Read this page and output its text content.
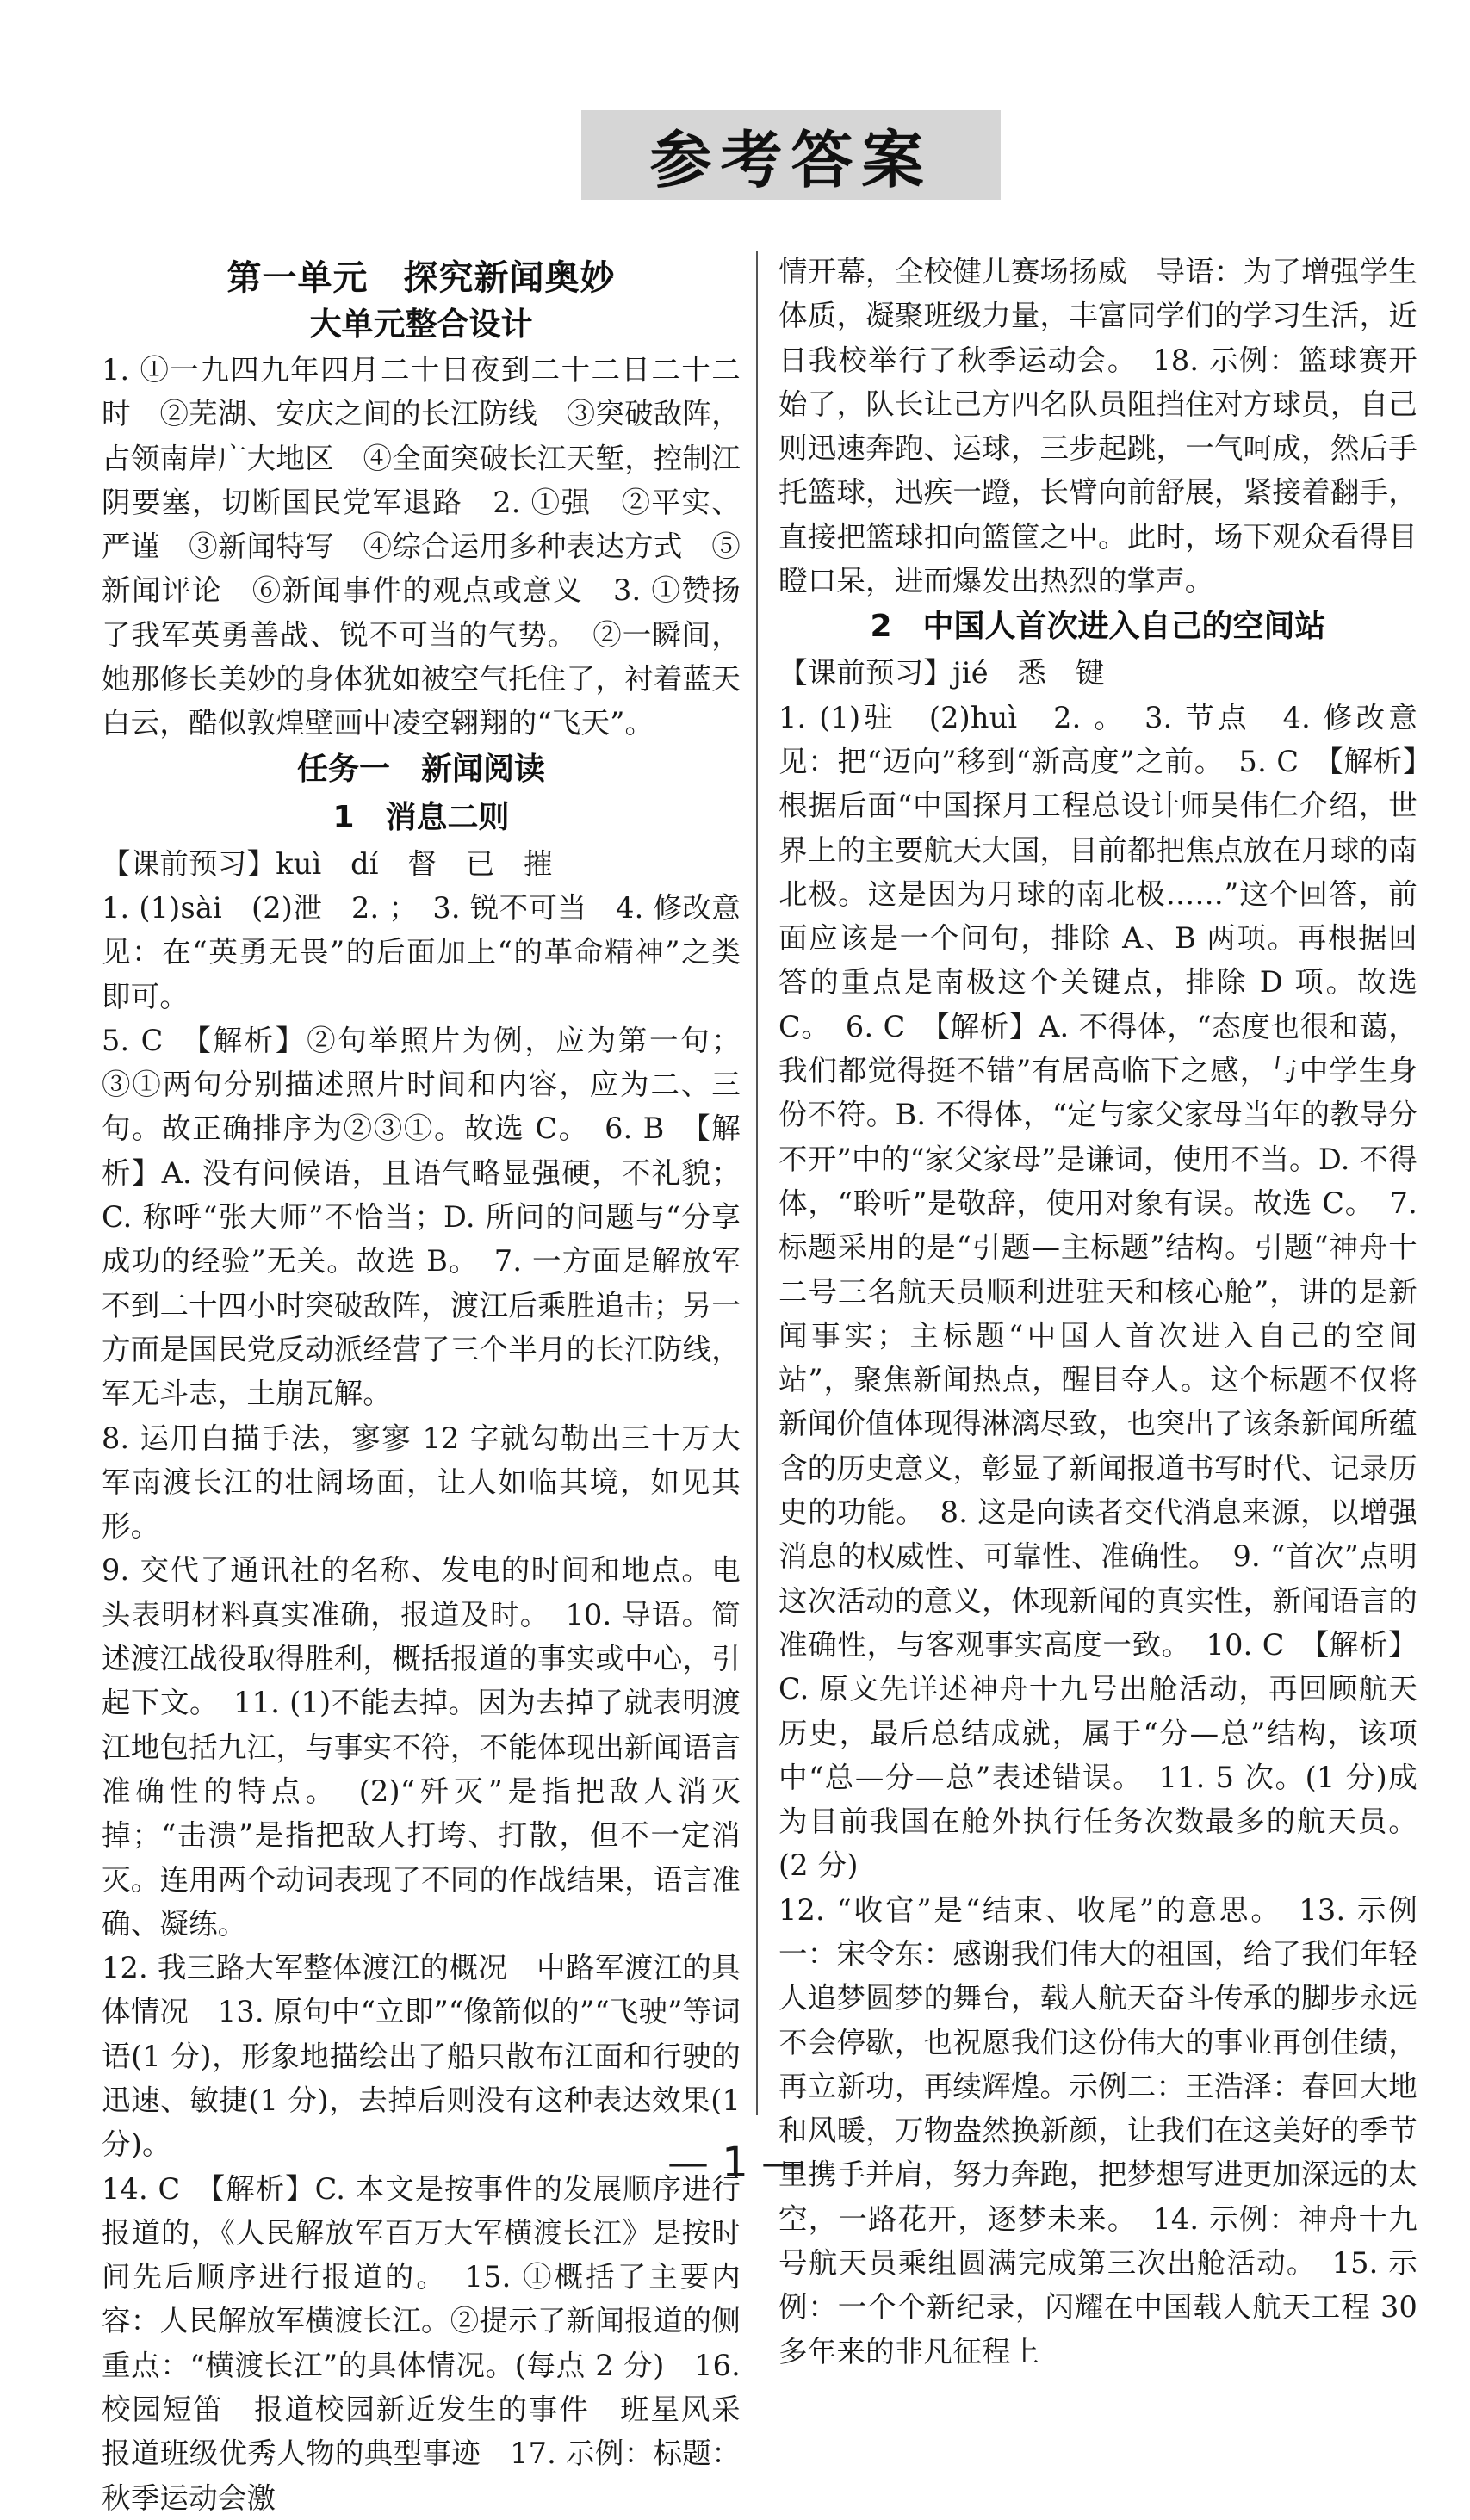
参考答案
第一单元　探究新闻奥妙
大单元整合设计

1. ①一九四九年四月二十日夜到二十二日二十二时　②芜湖、安庆之间的长江防线　③突破敌阵，占领南岸广大地区　④全面突破长江天堑，控制江阴要塞，切断国民党军退路　2. ①强　②平实、严谨　③新闻特写　④综合运用多种表达方式　⑤新闻评论　⑥新闻事件的观点或意义　3. ①赞扬了我军英勇善战、锐不可当的气势。　②一瞬间，她那修长美妙的身体犹如被空气托住了，衬着蓝天白云，酷似敦煌壁画中凌空翱翔的“飞天”。

任务一　新闻阅读
1　消息二则

【课前预习】kuì　dí　督　已　摧

1. (1)sài　(2)泄　2. ；　3. 锐不可当　4. 修改意见：在“英勇无畏”的后面加上“的革命精神”之类即可。

5. C　【解析】②句举照片为例，应为第一句；③①两句分别描述照片时间和内容，应为二、三句。故正确排序为②③①。故选 C。　6. B　【解析】A. 没有问候语，且语气略显强硬，不礼貌；C. 称呼“张大师”不恰当；D. 所问的问题与“分享成功的经验”无关。故选 B。　7. 一方面是解放军不到二十四小时突破敌阵，渡江后乘胜追击；另一方面是国民党反动派经营了三个半月的长江防线，军无斗志，土崩瓦解。

8. 运用白描手法，寥寥 12 字就勾勒出三十万大军南渡长江的壮阔场面，让人如临其境，如见其形。

9. 交代了通讯社的名称、发电的时间和地点。电头表明材料真实准确，报道及时。　10. 导语。简述渡江战役取得胜利，概括报道的事实或中心，引起下文。　11. (1)不能去掉。因为去掉了就表明渡江地包括九江，与事实不符，不能体现出新闻语言准确性的特点。　(2)“歼灭”是指把敌人消灭掉；“击溃”是指把敌人打垮、打散，但不一定消灭。连用两个动词表现了不同的作战结果，语言准确、凝练。

12. 我三路大军整体渡江的概况　中路军渡江的具体情况　13. 原句中“立即”“像箭似的”“飞驶”等词语(1 分)，形象地描绘出了船只散布江面和行驶的迅速、敏捷(1 分)，去掉后则没有这种表达效果(1 分)。

14. C　【解析】C. 本文是按事件的发展顺序进行报道的，《人民解放军百万大军横渡长江》是按时间先后顺序进行报道的。　15. ①概括了主要内容：人民解放军横渡长江。②提示了新闻报道的侧重点：“横渡长江”的具体情况。(每点 2 分)　16. 校园短笛　报道校园新近发生的事件　班星风采　报道班级优秀人物的典型事迹　17. 示例：标题：秋季运动会激

情开幕，全校健儿赛场扬威　导语：为了增强学生体质，凝聚班级力量，丰富同学们的学习生活，近日我校举行了秋季运动会。　18. 示例：篮球赛开始了，队长让己方四名队员阻挡住对方球员，自己则迅速奔跑、运球，三步起跳，一气呵成，然后手托篮球，迅疾一蹬，长臂向前舒展，紧接着翻手，直接把篮球扣向篮筐之中。此时，场下观众看得目瞪口呆，进而爆发出热烈的掌声。

2　中国人首次进入自己的空间站

【课前预习】jié　悉　键

1. (1)驻　(2)huì　2. 。　3. 节点　4. 修改意见：把“迈向”移到“新高度”之前。　5. C　【解析】根据后面“中国探月工程总设计师吴伟仁介绍，世界上的主要航天大国，目前都把焦点放在月球的南北极。这是因为月球的南北极……”这个回答，前面应该是一个问句，排除 A、B 两项。再根据回答的重点是南极这个关键点，排除 D 项。故选 C。　6. C　【解析】A. 不得体，“态度也很和蔼，我们都觉得挺不错”有居高临下之感，与中学生身份不符。B. 不得体，“定与家父家母当年的教导分不开”中的“家父家母”是谦词，使用不当。D. 不得体，“聆听”是敬辞，使用对象有误。故选 C。　7. 标题采用的是“引题—主标题”结构。引题“神舟十二号三名航天员顺利进驻天和核心舱”，讲的是新闻事实；主标题“中国人首次进入自己的空间站”，聚焦新闻热点，醒目夺人。这个标题不仅将新闻价值体现得淋漓尽致，也突出了该条新闻所蕴含的历史意义，彰显了新闻报道书写时代、记录历史的功能。　8. 这是向读者交代消息来源，以增强消息的权威性、可靠性、准确性。　9. “首次”点明这次活动的意义，体现新闻的真实性，新闻语言的准确性，与客观事实高度一致。　10. C　【解析】C. 原文先详述神舟十九号出舱活动，再回顾航天历史，最后总结成就，属于“分—总”结构，该项中“总—分—总”表述错误。　11. 5 次。(1 分)成为目前我国在舱外执行任务次数最多的航天员。(2 分)

12. “收官”是“结束、收尾”的意思。　13. 示例一：宋令东：感谢我们伟大的祖国，给了我们年轻人追梦圆梦的舞台，载人航天奋斗传承的脚步永远不会停歇，也祝愿我们这份伟大的事业再创佳绩，再立新功，再续辉煌。示例二：王浩泽：春回大地和风暖，万物盎然换新颜，让我们在这美好的季节里携手并肩，努力奔跑，把梦想写进更加深远的太空，一路花开，逐梦未来。　14. 示例：神舟十九号航天员乘组圆满完成第三次出舱活动。　15. 示例：一个个新纪录，闪耀在中国载人航天工程 30 多年来的非凡征程上

— 1 —
